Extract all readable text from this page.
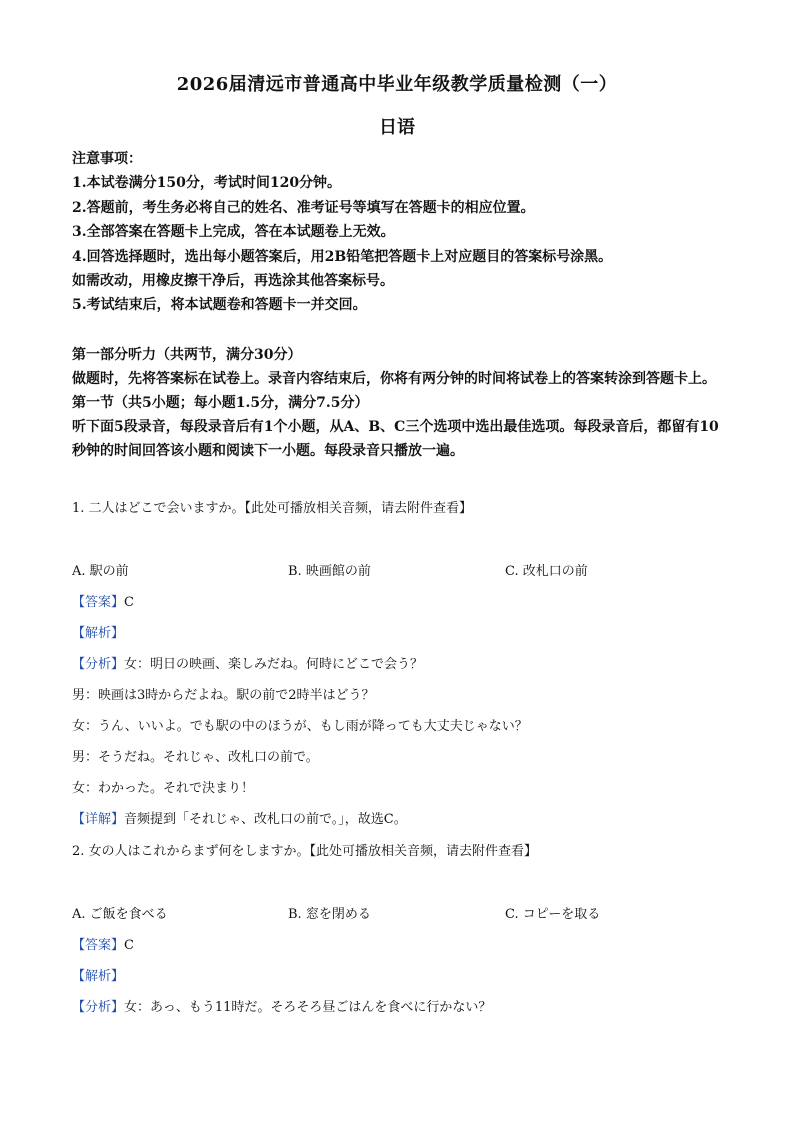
2026届清远市普通高中毕业年级教学质量检测（一）
日语
注意事项：
1.本试卷满分150分，考试时间120分钟。
2.答题前，考生务必将自己的姓名、准考证号等填写在答题卡的相应位置。
3.全部答案在答题卡上完成，答在本试题卷上无效。
4.回答选择题时，选出每小题答案后，用2B铅笔把答题卡上对应题目的答案标号涂黑。
如需改动，用橡皮擦干净后，再选涂其他答案标号。
5.考试结束后，将本试题卷和答题卡一并交回。

第一部分听力（共两节，满分30分）

做题时，先将答案标在试卷上。录音内容结束后，你将有两分钟的时间将试卷上的答案转涂到答题卡上。

第一节（共5小题；每小题1.5分，满分7.5分）

听下面5段录音，每段录音后有1个小题，从A、B、C三个选项中选出最佳选项。每段录音后，都留有10秒钟的时间回答该小题和阅读下一小题。每段录音只播放一遍。

1. 二人はどこで会いますか。【此处可播放相关音频，请去附件查看】
A. 駅の前	B. 映画館の前	C. 改札口の前
【答案】C
【解析】
【分析】女：明日の映画、楽しみだね。何時にどこで会う？
男：映画は3時からだよね。駅の前で2時半はどう？
女：うん、いいよ。でも駅の中のほうが、もし雨が降っても大丈夫じゃない？
男：そうだね。それじゃ、改札口の前で。
女：わかった。それで決まり！
【详解】音频提到「それじゃ、改札口の前で。」，故选C。
2. 女の人はこれからまず何をしますか。【此处可播放相关音频，请去附件查看】
A. ご飯を食べる	B. 窓を閉める	C. コピーを取る
【答案】C
【解析】
【分析】女：あっ、もう11時だ。そろそろ昼ごはんを食べに行かない？
